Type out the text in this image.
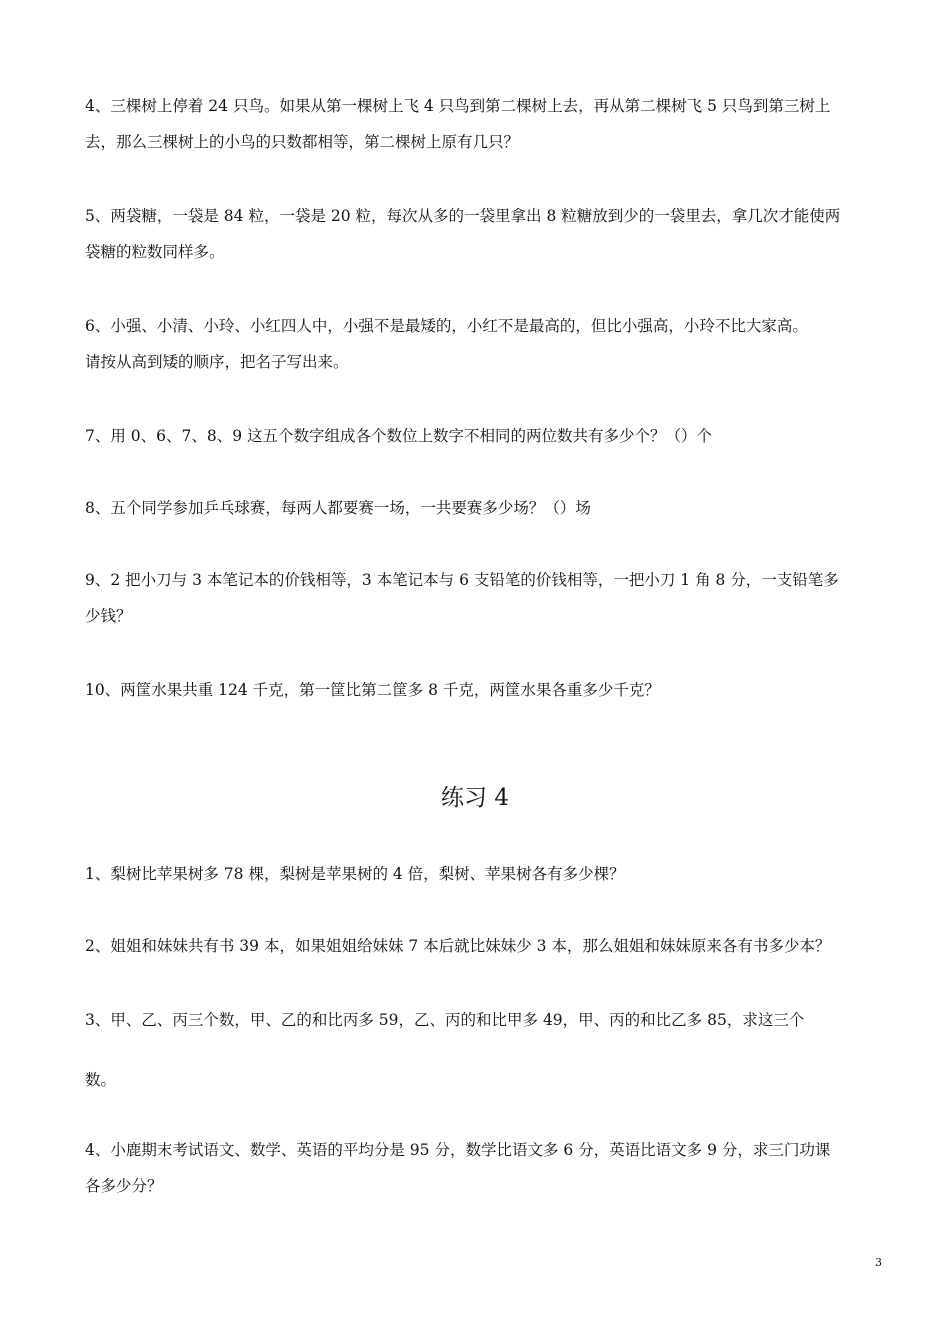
4、三棵树上停着 24 只鸟。如果从第一棵树上飞 4 只鸟到第二棵树上去，再从第二棵树飞 5 只鸟到第三树上
去，那么三棵树上的小鸟的只数都相等，第二棵树上原有几只？

5、两袋糖，一袋是 84 粒，一袋是 20 粒，每次从多的一袋里拿出 8 粒糖放到少的一袋里去，拿几次才能使两
袋糖的粒数同样多。

6、小强、小清、小玲、小红四人中，小强不是最矮的，小红不是最高的，但比小强高，小玲不比大家高。
请按从高到矮的顺序，把名子写出来。

7、用 0、6、7、8、9 这五个数字组成各个数位上数字不相同的两位数共有多少个？（）个

8、五个同学参加乒乓球赛，每两人都要赛一场，一共要赛多少场？（）场

9、2 把小刀与 3 本笔记本的价钱相等，3 本笔记本与 6 支铅笔的价钱相等，一把小刀 1 角 8 分，一支铅笔多
少钱？

10、两筐水果共重 124 千克，第一筐比第二筐多 8 千克，两筐水果各重多少千克？

练习 4

1、梨树比苹果树多 78 棵，梨树是苹果树的 4 倍，梨树、苹果树各有多少棵？

2、姐姐和妹妹共有书 39 本，如果姐姐给妹妹 7 本后就比妹妹少 3 本，那么姐姐和妹妹原来各有书多少本？

3、甲、乙、丙三个数，甲、乙的和比丙多 59，乙、丙的和比甲多 49，甲、丙的和比乙多 85，求这三个

数。

4、小鹿期末考试语文、数学、英语的平均分是 95 分，数学比语文多 6 分，英语比语文多 9 分，求三门功课
各多少分？

3
